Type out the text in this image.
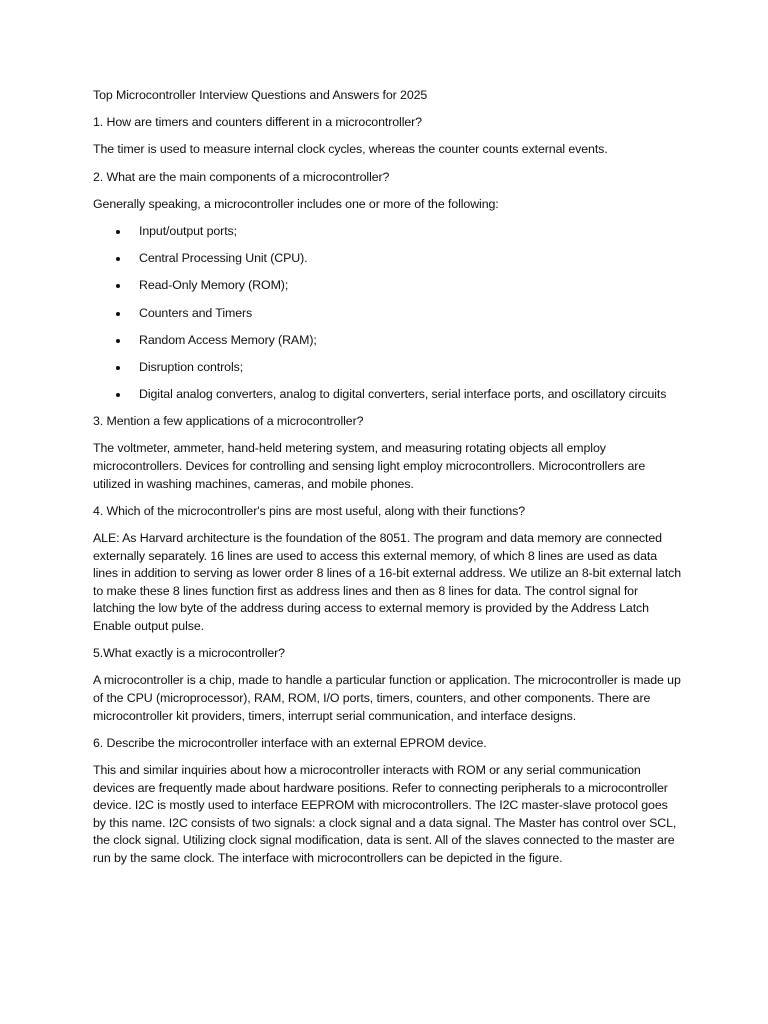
Top Microcontroller Interview Questions and Answers for 2025

1. How are timers and counters different in a microcontroller?

The timer is used to measure internal clock cycles, whereas the counter counts external events.

2. What are the main components of a microcontroller?

Generally speaking, a microcontroller includes one or more of the following:

Input/output ports;
Central Processing Unit (CPU).
Read-Only Memory (ROM);
Counters and Timers
Random Access Memory (RAM);
Disruption controls;
Digital analog converters, analog to digital converters, serial interface ports, and oscillatory circuits

3. Mention a few applications of a microcontroller?

The voltmeter, ammeter, hand-held metering system, and measuring rotating objects all employ microcontrollers. Devices for controlling and sensing light employ microcontrollers. Microcontrollers are utilized in washing machines, cameras, and mobile phones.

4. Which of the microcontroller's pins are most useful, along with their functions?

ALE: As Harvard architecture is the foundation of the 8051. The program and data memory are connected externally separately. 16 lines are used to access this external memory, of which 8 lines are used as data lines in addition to serving as lower order 8 lines of a 16-bit external address. We utilize an 8-bit external latch to make these 8 lines function first as address lines and then as 8 lines for data. The control signal for latching the low byte of the address during access to external memory is provided by the Address Latch Enable output pulse.

5.What exactly is a microcontroller?

A microcontroller is a chip, made to handle a particular function or application. The microcontroller is made up of the CPU (microprocessor), RAM, ROM, I/O ports, timers, counters, and other components. There are microcontroller kit providers, timers, interrupt serial communication, and interface designs.

6. Describe the microcontroller interface with an external EPROM device.

This and similar inquiries about how a microcontroller interacts with ROM or any serial communication devices are frequently made about hardware positions. Refer to connecting peripherals to a microcontroller device. I2C is mostly used to interface EEPROM with microcontrollers. The I2C master-slave protocol goes by this name. I2C consists of two signals: a clock signal and a data signal. The Master has control over SCL, the clock signal. Utilizing clock signal modification, data is sent. All of the slaves connected to the master are run by the same clock. The interface with microcontrollers can be depicted in the figure.
